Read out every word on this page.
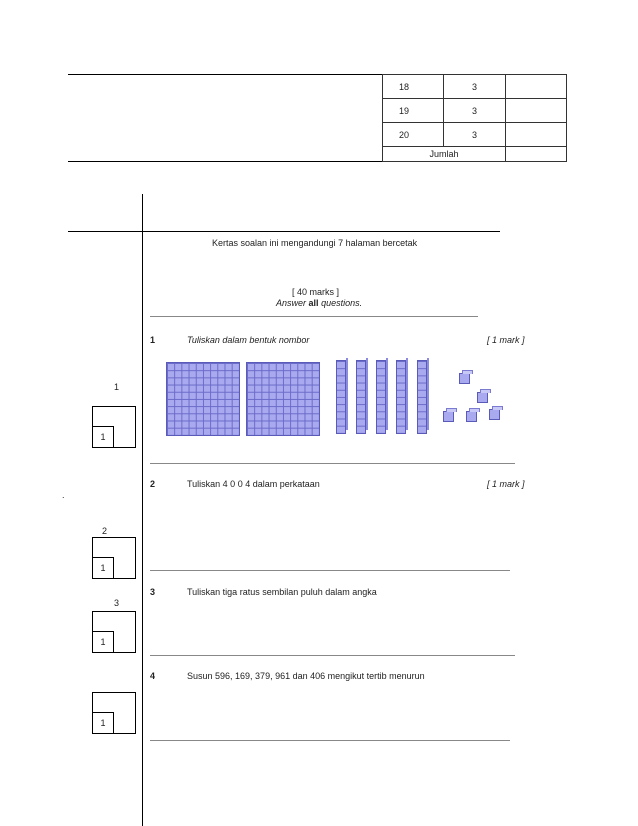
18	3	
19	3	
20	3	
Jumlah		
Kertas soalan ini mengandungi 7 halaman bercetak
[ 40 marks ]
Answer all questions.
1	Tuliskan dalam bentuk nombor	[ 1 mark ]
2	Tuliskan 4 0 0 4 dalam perkataan	[ 1 mark ]
3	Tuliskan tiga ratus sembilan puluh dalam angka
4	Susun 596, 169, 379, 961 dan 406 mengikut tertib menurun
1
1
.
2
1
3
1
1
